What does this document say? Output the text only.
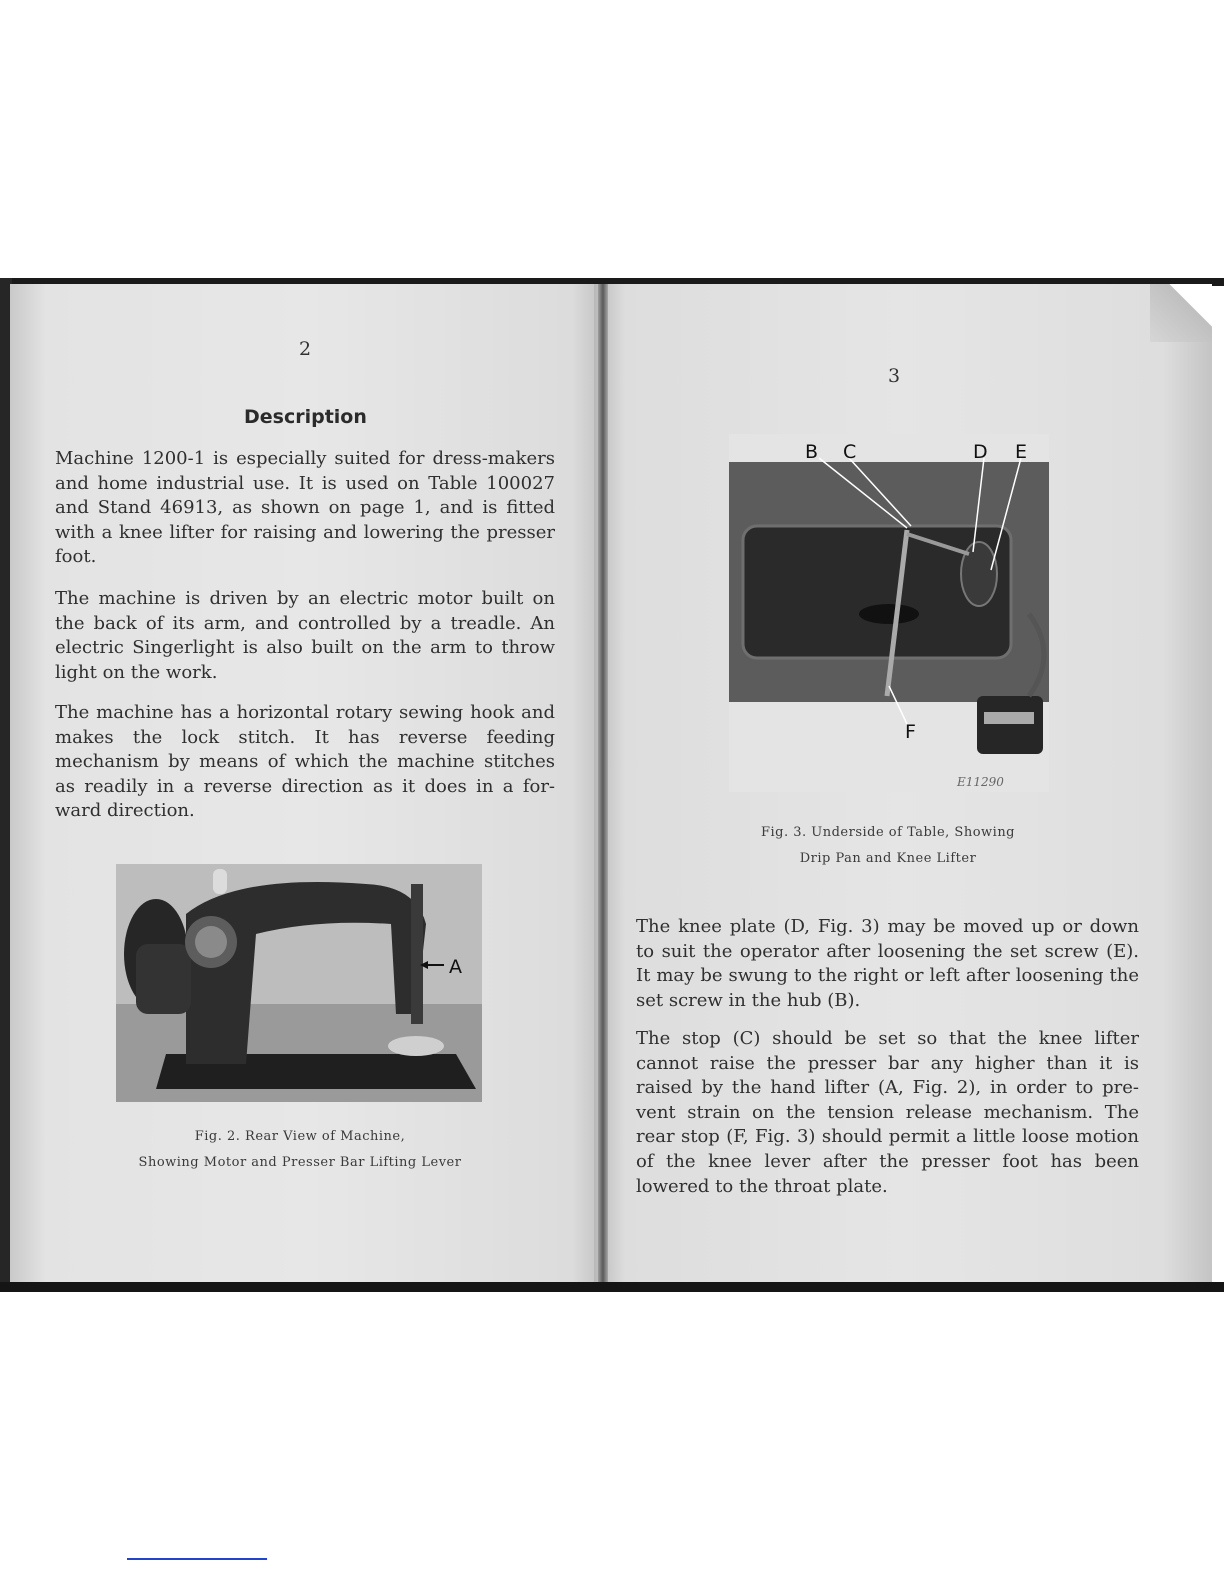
2
Description

Machine 1200-1 is especially suited for dress-makers and home industrial use. It is used on Table 100027 and Stand 46913, as shown on page 1, and is fitted with a knee lifter for raising and lowering the presser foot.

The machine is driven by an electric motor built on the back of its arm, and controlled by a treadle. An electric Singerlight is also built on the arm to throw light on the work.

The machine has a horizontal rotary sewing hook and makes the lock stitch. It has reverse feeding mechanism by means of which the machine stitches as readily in a reverse direction as it does in a for-ward direction.

A
Fig. 2. Rear View of Machine,
Showing Motor and Presser Bar Lifting Lever
3
B C	D E
F
E11290
Fig. 3. Underside of Table, Showing
Drip Pan and Knee Lifter

The knee plate (D, Fig. 3) may be moved up or down to suit the operator after loosening the set screw (E). It may be swung to the right or left after loosening the set screw in the hub (B).

The stop (C) should be set so that the knee lifter cannot raise the presser bar any higher than it is raised by the hand lifter (A, Fig. 2), in order to pre-vent strain on the tension release mechanism. The rear stop (F, Fig. 3) should permit a little loose motion of the knee lever after the presser foot has been lowered to the throat plate.
